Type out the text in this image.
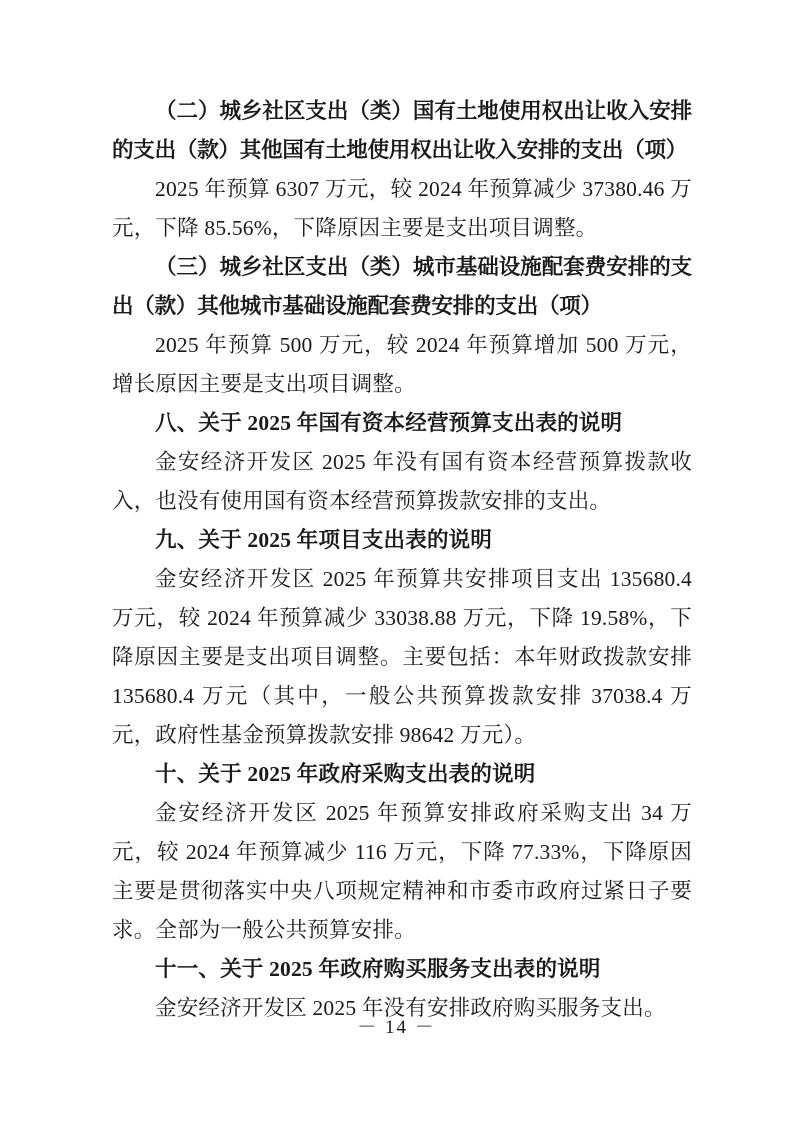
（二）城乡社区支出（类）国有土地使用权出让收入安排的支出（款）其他国有土地使用权出让收入安排的支出（项）

2025 年预算 6307 万元，较 2024 年预算减少 37380.46 万元，下降 85.56%，下降原因主要是支出项目调整。

（三）城乡社区支出（类）城市基础设施配套费安排的支出（款）其他城市基础设施配套费安排的支出（项）

2025 年预算 500 万元，较 2024 年预算增加 500 万元，增长原因主要是支出项目调整。

八、关于 2025 年国有资本经营预算支出表的说明

金安经济开发区 2025 年没有国有资本经营预算拨款收入，也没有使用国有资本经营预算拨款安排的支出。

九、关于 2025 年项目支出表的说明

金安经济开发区 2025 年预算共安排项目支出 135680.4 万元，较 2024 年预算减少 33038.88 万元，下降 19.58%，下降原因主要是支出项目调整。主要包括：本年财政拨款安排 135680.4 万元（其中，一般公共预算拨款安排 37038.4 万元，政府性基金预算拨款安排 98642 万元）。

十、关于 2025 年政府采购支出表的说明

金安经济开发区 2025 年预算安排政府采购支出 34 万元，较 2024 年预算减少 116 万元，下降 77.33%，下降原因主要是贯彻落实中央八项规定精神和市委市政府过紧日子要求。全部为一般公共预算安排。

十一、关于 2025 年政府购买服务支出表的说明

金安经济开发区 2025 年没有安排政府购买服务支出。

－ 14 －
